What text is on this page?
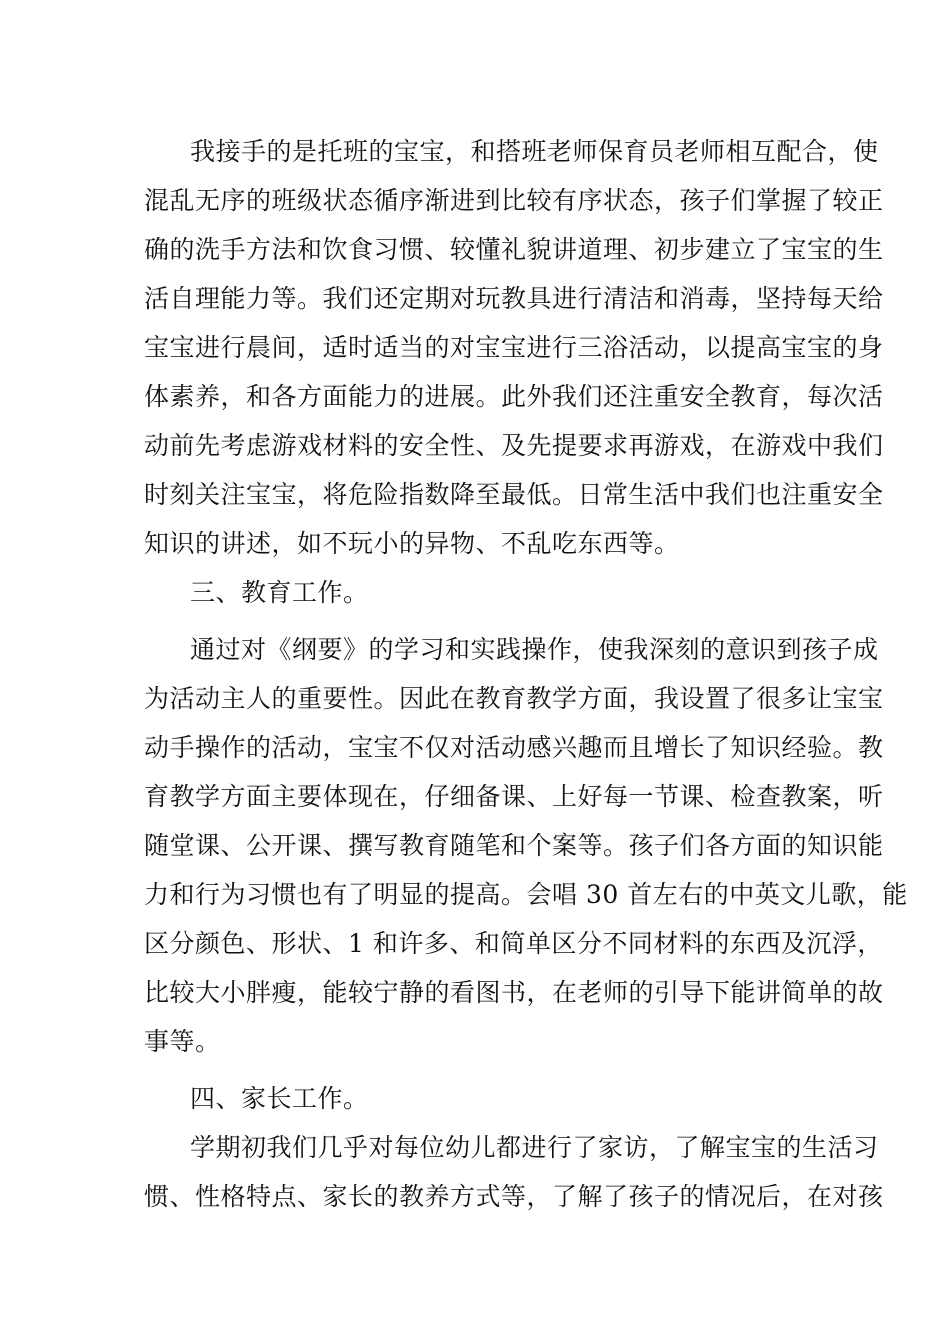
我接手的是托班的宝宝，和搭班老师保育员老师相互配合，使
混乱无序的班级状态循序渐进到比较有序状态，孩子们掌握了较正
确的洗手方法和饮食习惯、较懂礼貌讲道理、初步建立了宝宝的生
活自理能力等。我们还定期对玩教具进行清洁和消毒，坚持每天给
宝宝进行晨间，适时适当的对宝宝进行三浴活动，以提高宝宝的身
体素养，和各方面能力的进展。此外我们还注重安全教育，每次活
动前先考虑游戏材料的安全性、及先提要求再游戏，在游戏中我们
时刻关注宝宝，将危险指数降至最低。日常生活中我们也注重安全
知识的讲述，如不玩小的异物、不乱吃东西等。
三、教育工作。
通过对《纲要》的学习和实践操作，使我深刻的意识到孩子成
为活动主人的重要性。因此在教育教学方面，我设置了很多让宝宝
动手操作的活动，宝宝不仅对活动感兴趣而且增长了知识经验。教
育教学方面主要体现在，仔细备课、上好每一节课、检查教案，听
随堂课、公开课、撰写教育随笔和个案等。孩子们各方面的知识能
力和行为习惯也有了明显的提高。会唱 30 首左右的中英文儿歌，能
区分颜色、形状、1 和许多、和简单区分不同材料的东西及沉浮，
比较大小胖瘦，能较宁静的看图书，在老师的引导下能讲简单的故
事等。
四、家长工作。
学期初我们几乎对每位幼儿都进行了家访，了解宝宝的生活习
惯、性格特点、家长的教养方式等，了解了孩子的情况后，在对孩
